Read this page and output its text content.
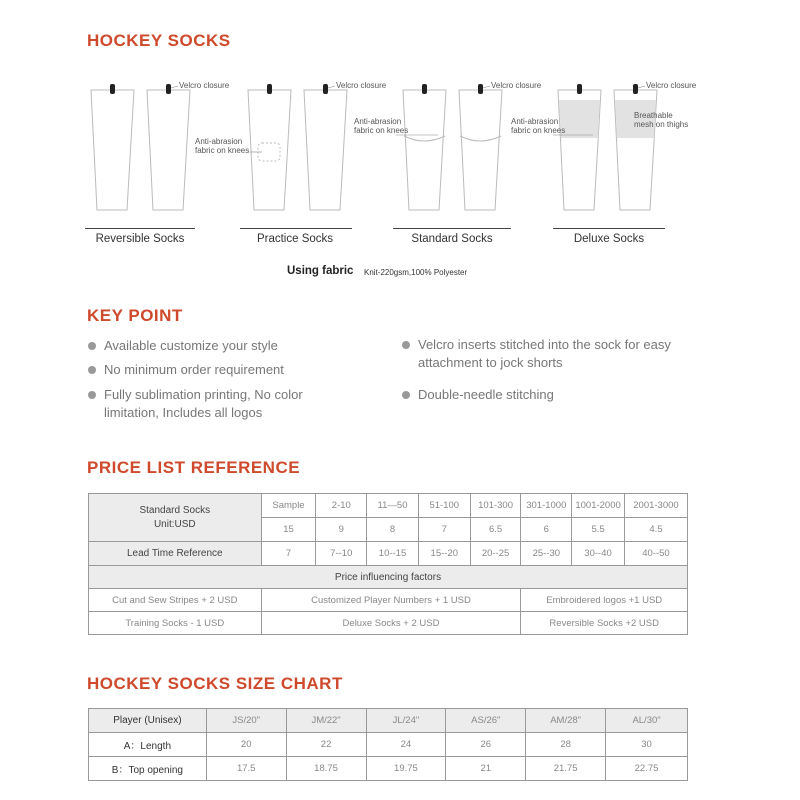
HOCKEY SOCKS
Velcro closure	Velcro closure	Velcro closure	Velcro closure
Anti-abrasion fabric on knees
Anti-abrasion fabric on knees
Anti-abrasion fabric on knees
Breathable mesh on thighs
Reversible Socks	Practice Socks	Standard Socks	Deluxe Socks
Using fabric Knit-220gsm,100% Polyester
KEY POINT
Available customize your style
No minimum order requirement
Fully sublimation printing, No color limitation, Includes all logos
Velcro inserts stitched into the sock for easy attachment to jock shorts
Double-needle stitching
PRICE LIST REFERENCE
Standard Socks Unit:USD	Sample	2-10	11—50	51-100	101-300	301-1000	1001-2000	2001-3000
	15	9	8	7	6.5	6	5.5	4.5
Lead Time Reference	7	7--10	10--15	15--20	20--25	25--30	30--40	40--50
Price influencing factors								
Cut and Sew Stripes + 2 USD	Customized Player Numbers + 1 USD					Embroidered logos +1 USD		
Training Socks - 1 USD	Deluxe Socks + 2 USD					Reversible Socks +2 USD		
HOCKEY SOCKS SIZE CHART
Player (Unisex)	JS/20"	JM/22"	JL/24"	AS/26"	AM/28"	AL/30"
A：Length	20	22	24	26	28	30
B：Top opening	17.5	18.75	19.75	21	21.75	22.75
